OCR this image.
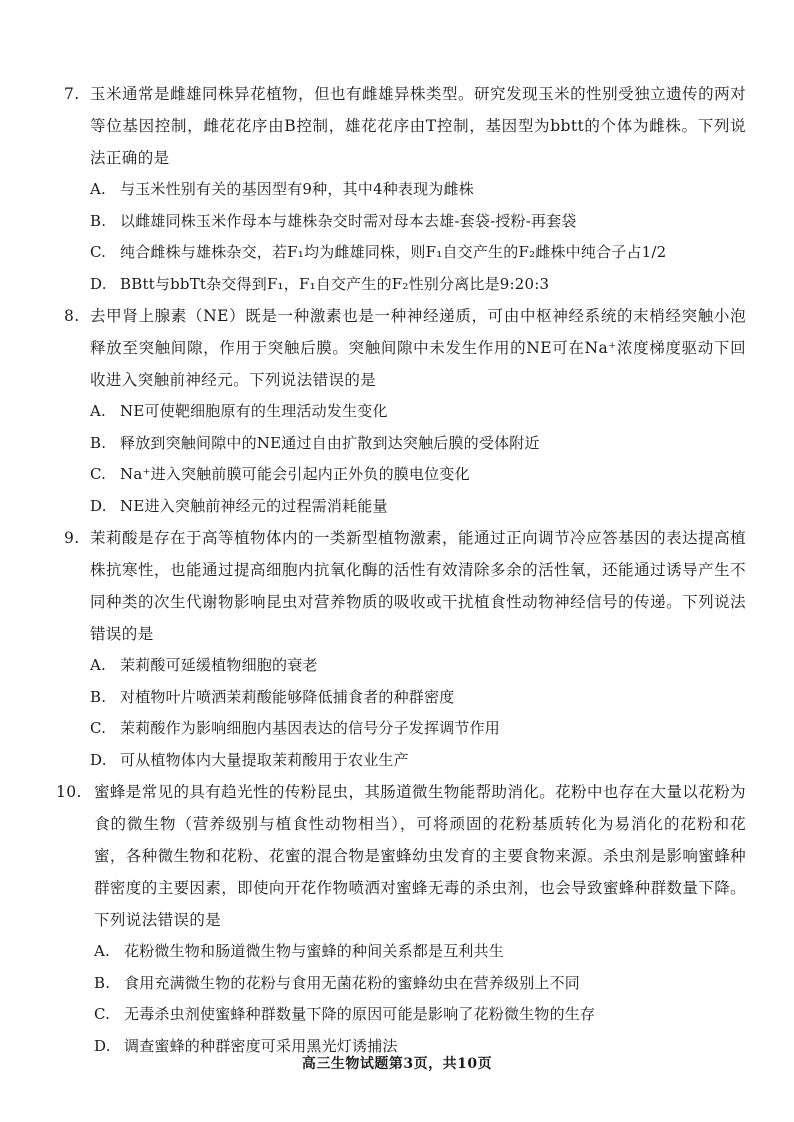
7. 玉米通常是雌雄同株异花植物，但也有雌雄异株类型。研究发现玉米的性别受独立遗传的两对等位基因控制，雌花花序由B控制，雄花花序由T控制，基因型为bbtt的个体为雌株。下列说法正确的是
A. 与玉米性别有关的基因型有9种，其中4种表现为雌株
B. 以雌雄同株玉米作母本与雄株杂交时需对母本去雄-套袋-授粉-再套袋
C. 纯合雌株与雄株杂交，若F₁均为雌雄同株，则F₁自交产生的F₂雌株中纯合子占1/2
D. BBtt与bbTt杂交得到F₁，F₁自交产生的F₂性别分离比是9:20:3
8. 去甲肾上腺素（NE）既是一种激素也是一种神经递质，可由中枢神经系统的末梢经突触小泡释放至突触间隙，作用于突触后膜。突触间隙中未发生作用的NE可在Na⁺浓度梯度驱动下回收进入突触前神经元。下列说法错误的是
A. NE可使靶细胞原有的生理活动发生变化
B. 释放到突触间隙中的NE通过自由扩散到达突触后膜的受体附近
C. Na⁺进入突触前膜可能会引起内正外负的膜电位变化
D. NE进入突触前神经元的过程需消耗能量
9. 茉莉酸是存在于高等植物体内的一类新型植物激素，能通过正向调节冷应答基因的表达提高植株抗寒性，也能通过提高细胞内抗氧化酶的活性有效清除多余的活性氧，还能通过诱导产生不同种类的次生代谢物影响昆虫对营养物质的吸收或干扰植食性动物神经信号的传递。下列说法错误的是
A. 茉莉酸可延缓植物细胞的衰老
B. 对植物叶片喷洒茉莉酸能够降低捕食者的种群密度
C. 茉莉酸作为影响细胞内基因表达的信号分子发挥调节作用
D. 可从植物体内大量提取茉莉酸用于农业生产
10. 蜜蜂是常见的具有趋光性的传粉昆虫，其肠道微生物能帮助消化。花粉中也存在大量以花粉为食的微生物（营养级别与植食性动物相当），可将顽固的花粉基质转化为易消化的花粉和花蜜，各种微生物和花粉、花蜜的混合物是蜜蜂幼虫发育的主要食物来源。杀虫剂是影响蜜蜂种群密度的主要因素，即使向开花作物喷洒对蜜蜂无毒的杀虫剂，也会导致蜜蜂种群数量下降。下列说法错误的是
A. 花粉微生物和肠道微生物与蜜蜂的种间关系都是互利共生
B. 食用充满微生物的花粉与食用无菌花粉的蜜蜂幼虫在营养级别上不同
C. 无毒杀虫剂使蜜蜂种群数量下降的原因可能是影响了花粉微生物的生存
D. 调查蜜蜂的种群密度可采用黑光灯诱捕法
高三生物试题第3页，共10页
